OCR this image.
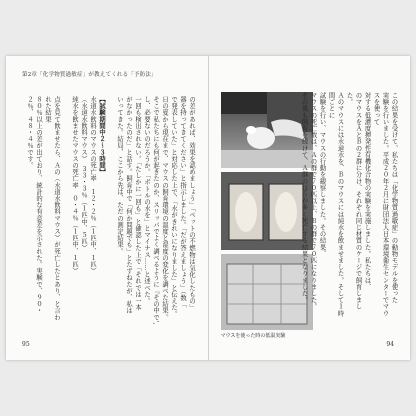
第2章「化学物質過敏症」が教えてくれる「予防法」

の差があれば、効果を認めましょう」「ペットの不燃物は気化したもの」

器を持ってきてください」と指示しました。「だが答えましょう」（数「

で発表していた」と対応した上で、「水がきれいになりました」と伝えた。

日の夏から現在まで、マウスの飼育環境の温度と湿度の変化を調べた結果。

そこで私たちにも何が起きたのか、スリッパでよく調べるように『その中で',

し、必要ないのだろうか。「ボトルの水を」とマイナス……と述べた。

一回も検出されない。「たしかに一回も」と確認した上で「それでは一本

がなかったのだ」と話す。飼育中で「何か問題でも」とたずねたが、私は

いってきた。結局、ここから先は、ただの測定結果。

【試験期間中２～３時間】

水道水飲料のマウスの死亡率　１２・２％（１匹中、１匹）

（水道水飲料マウス）　３３・３％（１匹中、５匹）

純水を飲ませたマウスの死亡率　０・４％（１匹中、１匹）

点を見て飲ませたら、Ａの（水道水飲料マウス）が死亡したとあり、と言われた結果

８０％以上の差が出ており、統計的な有意差を示された。実験で、９０・２％、４８・４％です。

95
マウスを使った時の低温実験

この結果を受けて、私たちは「化学物質過敏症」の動物モデルを使った

実験を行いました。平成２０年２月に財団法人日本環境衛生センターでマウスを使って

対する低濃度揮発性有機化合物の実験を実施しました。私たちは、

のマウスをＡとＢの２群に分け、それぞれ同じ材質のケージで飼育しました。

Ａのマウスには水道水を、Ｂのマウスには純水を飲ませました。そして１時間ごとに

試験を行い、マウスの行動を観察しました。その結果、

マウスの死亡数は、Ａの群で７０匹以上、Ｂの群で７０匹になりました。

その後も飼育を続けて、Ａ群のほうが多く死亡する結果となりました。

94
